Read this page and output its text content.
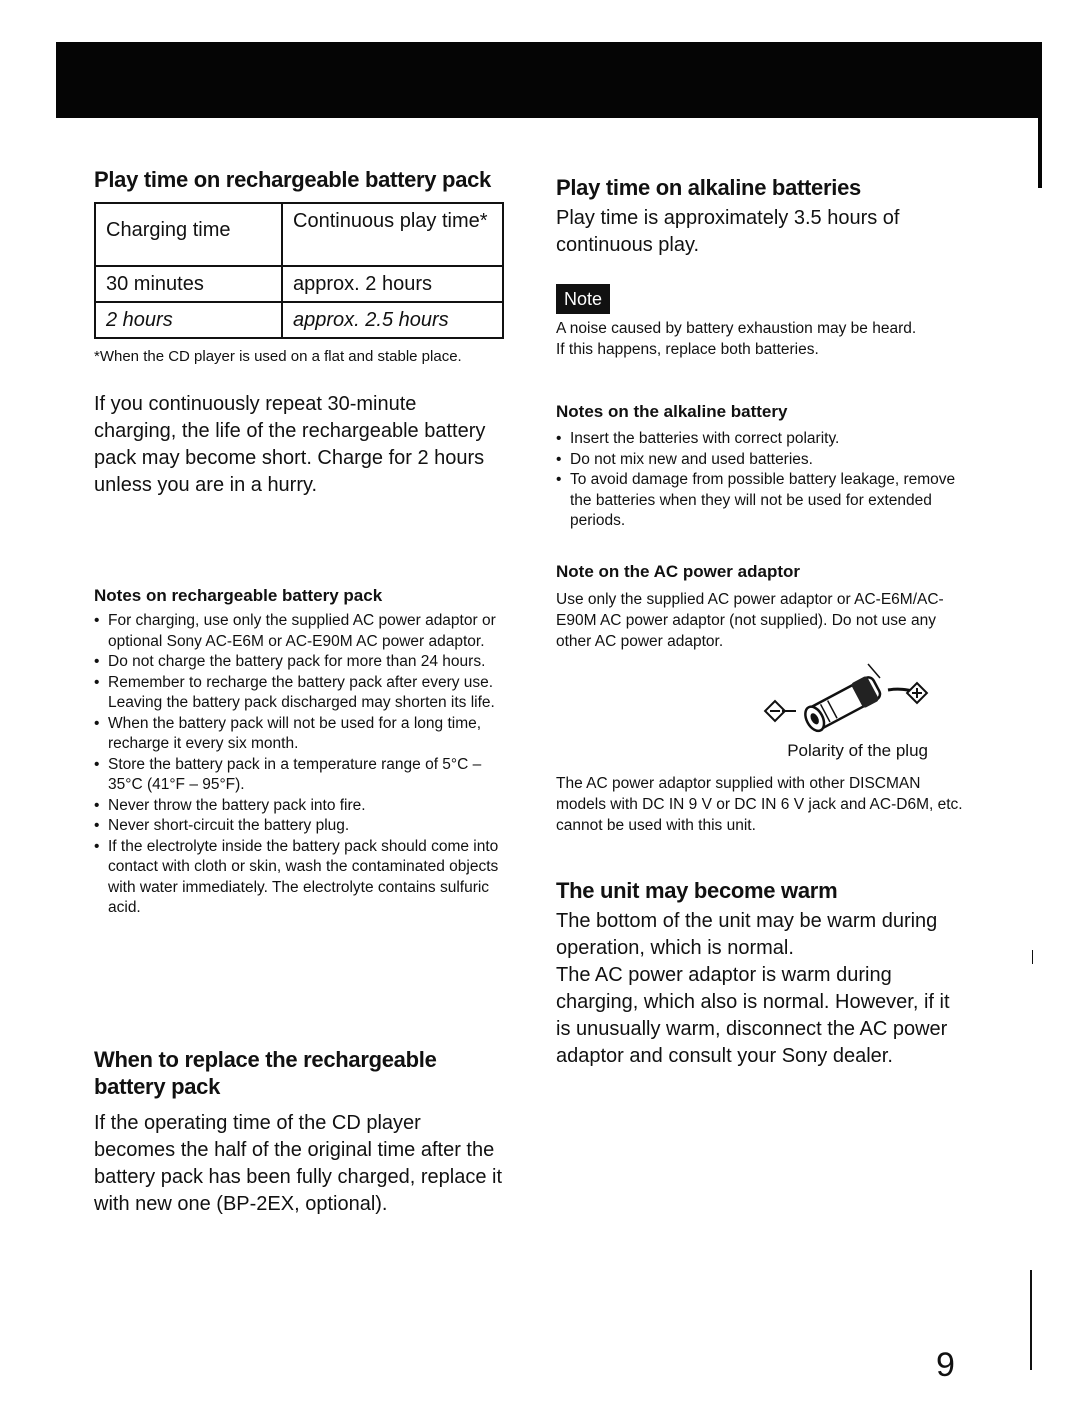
Play time on rechargeable battery pack
Charging time	Continuous play time*
30 minutes	approx. 2 hours
2 hours	approx. 2.5 hours

*When the CD player is used on a flat and stable place.

If you continuously repeat 30-minute charging, the life of the rechargeable battery pack may become short. Charge for 2 hours unless you are in a hurry.

Notes on rechargeable battery pack
• For charging, use only the supplied AC power adaptor or optional Sony AC-E6M or AC-E90M AC power adaptor.
• Do not charge the battery pack for more than 24 hours.
• Remember to recharge the battery pack after every use. Leaving the battery pack discharged may shorten its life.
• When the battery pack will not be used for a long time, recharge it every six month.
• Store the battery pack in a temperature range of 5°C – 35°C (41°F – 95°F).
• Never throw the battery pack into fire.
• Never short-circuit the battery plug.
• If the electrolyte inside the battery pack should come into contact with cloth or skin, wash the contaminated objects with water immediately. The electrolyte contains sulfuric acid.
When to replace the rechargeable battery pack

If the operating time of the CD player becomes the half of the original time after the battery pack has been fully charged, replace it with new one (BP-2EX, optional).

Play time on alkaline batteries

Play time is approximately 3.5 hours of continuous play.

Note

A noise caused by battery exhaustion may be heard.

If this happens, replace both batteries.

Notes on the alkaline battery
• Insert the batteries with correct polarity.
• Do not mix new and used batteries.
• To avoid damage from possible battery leakage, remove the batteries when they will not be used for extended periods.
Note on the AC power adaptor

Use only the supplied AC power adaptor or AC-E6M/AC-E90M AC power adaptor (not supplied). Do not use any other AC power adaptor.

Polarity of the plug

The AC power adaptor supplied with other DISCMAN models with DC IN 9 V or DC IN 6 V jack and AC-D6M, etc. cannot be used with this unit.

The unit may become warm

The bottom of the unit may be warm during operation, which is normal.

The AC power adaptor is warm during charging, which also is normal. However, if it is unusually warm, disconnect the AC power adaptor and consult your Sony dealer.

9
